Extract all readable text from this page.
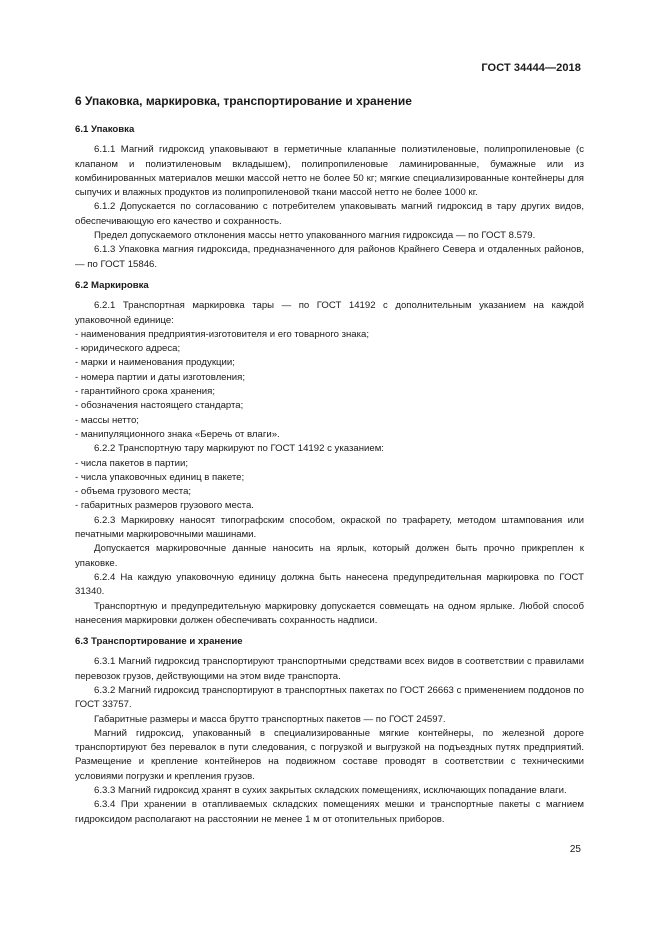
ГОСТ 34444—2018
6 Упаковка, маркировка, транспортирование и хранение
6.1 Упаковка

6.1.1 Магний гидроксид упаковывают в герметичные клапанные полиэтиленовые, полипропиленовые (с клапаном и полиэтиленовым вкладышем), полипропиленовые ламинированные, бумажные или из комбинированных материалов мешки массой нетто не более 50 кг; мягкие специализированные контейнеры для сыпучих и влажных продуктов из полипропиленовой ткани массой нетто не более 1000 кг.

6.1.2 Допускается по согласованию с потребителем упаковывать магний гидроксид в тару других видов, обеспечивающую его качество и сохранность.

Предел допускаемого отклонения массы нетто упакованного магния гидроксида — по ГОСТ 8.579.

6.1.3 Упаковка магния гидроксида, предназначенного для районов Крайнего Севера и отдаленных районов, — по ГОСТ 15846.

6.2 Маркировка

6.2.1 Транспортная маркировка тары — по ГОСТ 14192 с дополнительным указанием на каждой упаковочной единице:

- наименования предприятия-изготовителя и его товарного знака;

- юридического адреса;

- марки и наименования продукции;

- номера партии и даты изготовления;

- гарантийного срока хранения;

- обозначения настоящего стандарта;

- массы нетто;

- манипуляционного знака «Беречь от влаги».

6.2.2 Транспортную тару маркируют по ГОСТ 14192 с указанием:

- числа пакетов в партии;

- числа упаковочных единиц в пакете;

- объема грузового места;

- габаритных размеров грузового места.

6.2.3 Маркировку наносят типографским способом, окраской по трафарету, методом штампования или печатными маркировочными машинами.

Допускается маркировочные данные наносить на ярлык, который должен быть прочно прикреплен к упаковке.

6.2.4 На каждую упаковочную единицу должна быть нанесена предупредительная маркировка по ГОСТ 31340.

Транспортную и предупредительную маркировку допускается совмещать на одном ярлыке. Любой способ нанесения маркировки должен обеспечивать сохранность надписи.

6.3 Транспортирование и хранение

6.3.1 Магний гидроксид транспортируют транспортными средствами всех видов в соответствии с правилами перевозок грузов, действующими на этом виде транспорта.

6.3.2 Магний гидроксид транспортируют в транспортных пакетах по ГОСТ 26663 с применением поддонов по ГОСТ 33757.

Габаритные размеры и масса брутто транспортных пакетов — по ГОСТ 24597.

Магний гидроксид, упакованный в специализированные мягкие контейнеры, по железной дороге транспортируют без перевалок в пути следования, с погрузкой и выгрузкой на подъездных путях предприятий. Размещение и крепление контейнеров на подвижном составе проводят в соответствии с техническими условиями погрузки и крепления грузов.

6.3.3 Магний гидроксид хранят в сухих закрытых складских помещениях, исключающих попадание влаги.

6.3.4 При хранении в отапливаемых складских помещениях мешки и транспортные пакеты с магнием гидроксидом располагают на расстоянии не менее 1 м от отопительных приборов.

25
